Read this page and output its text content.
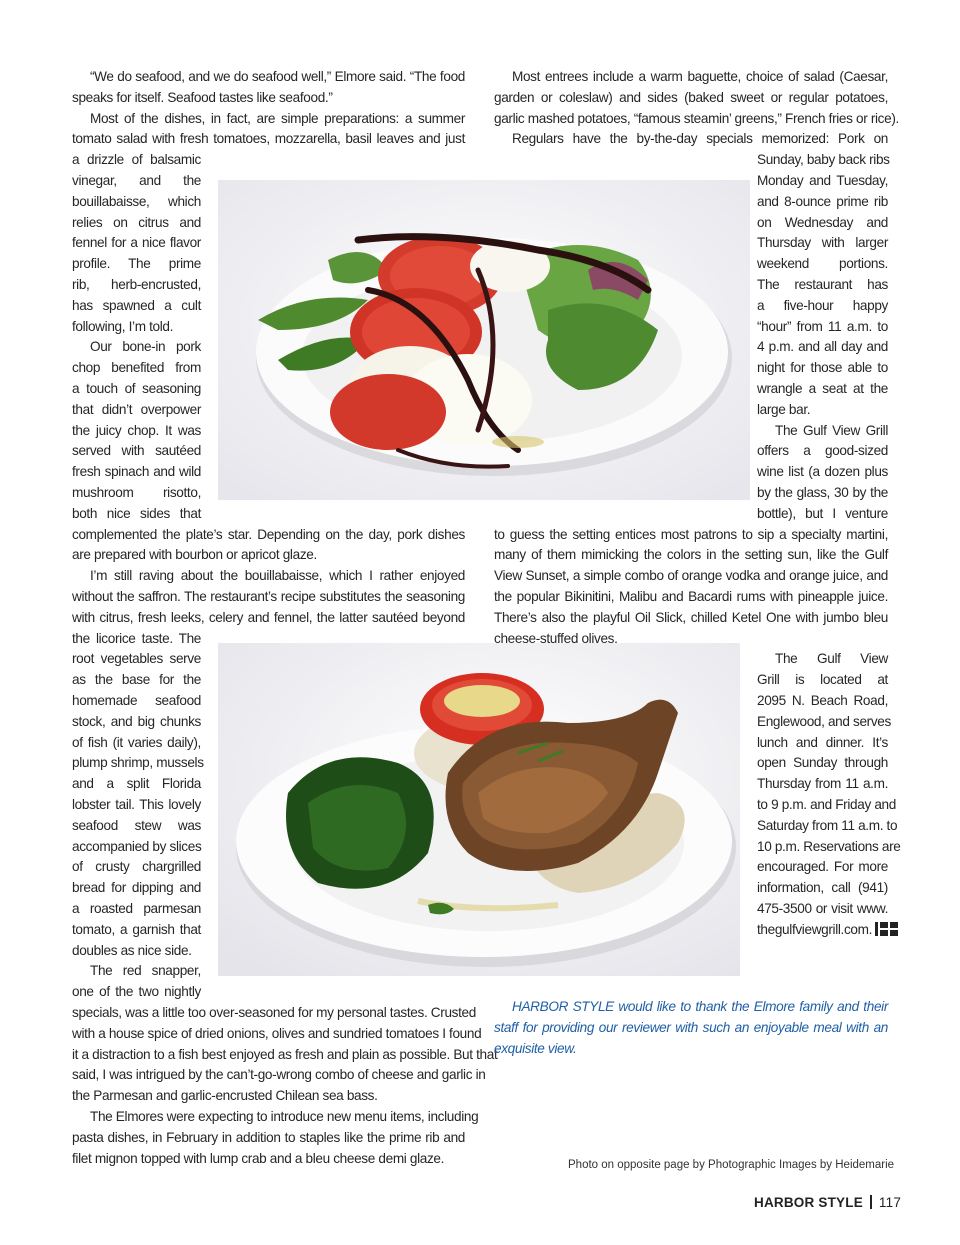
“We do seafood, and we do seafood well,” Elmore said. “The food
speaks for itself. Seafood tastes like seafood.”
Most of the dishes, in fact, are simple preparations: a summer
tomato salad with fresh tomatoes, mozzarella, basil leaves and just
a drizzle of balsamic
vinegar, and the
bouillabaisse, which
relies on citrus and
fennel for a nice flavor
profile. The prime
rib, herb-encrusted,
has spawned a cult
following, I’m told.
Our bone-in pork
chop benefited from
a touch of seasoning
that didn’t overpower
the juicy chop. It was
served with sautéed
fresh spinach and wild
mushroom risotto,
both nice sides that
complemented the plate’s star. Depending on the day, pork dishes
are prepared with bourbon or apricot glaze.
I’m still raving about the bouillabaisse, which I rather enjoyed
without the saffron. The restaurant’s recipe substitutes the seasoning
with citrus, fresh leeks, celery and fennel, the latter sautéed beyond
the licorice taste. The
root vegetables serve
as the base for the
homemade seafood
stock, and big chunks
of fish (it varies daily),
plump shrimp, mussels
and a split Florida
lobster tail. This lovely
seafood stew was
accompanied by slices
of crusty chargrilled
bread for dipping and
a roasted parmesan
tomato, a garnish that
doubles as nice side.
The red snapper,
one of the two nightly
specials, was a little too over-seasoned for my personal tastes. Crusted
with a house spice of dried onions, olives and sundried tomatoes I found
it a distraction to a fish best enjoyed as fresh and plain as possible. But that
said, I was intrigued by the can’t-go-wrong combo of cheese and garlic in
the Parmesan and garlic-encrusted Chilean sea bass.
The Elmores were expecting to introduce new menu items, including
pasta dishes, in February in addition to staples like the prime rib and
filet mignon topped with lump crab and a bleu cheese demi glaze.
Most entrees include a warm baguette, choice of salad (Caesar,
garden or coleslaw) and sides (baked sweet or regular potatoes,
garlic mashed potatoes, “famous steamin’ greens,” French fries or rice).
Regulars have the by-the-day specials memorized: Pork on
Sunday, baby back ribs
Monday and Tuesday,
and 8-ounce prime rib
on Wednesday and
Thursday with larger
weekend portions.
The restaurant has
a five-hour happy
“hour” from 11 a.m. to
4 p.m. and all day and
night for those able to
wrangle a seat at the
large bar.
The Gulf View Grill
offers a good-sized
wine list (a dozen plus
by the glass, 30 by the
bottle), but I venture
to guess the setting entices most patrons to sip a specialty martini,
many of them mimicking the colors in the setting sun, like the Gulf
View Sunset, a simple combo of orange vodka and orange juice, and
the popular Bikinitini, Malibu and Bacardi rums with pineapple juice.
There’s also the playful Oil Slick, chilled Ketel One with jumbo bleu
cheese-stuffed olives.
The Gulf View
Grill is located at
2095 N. Beach Road,
Englewood, and serves
lunch and dinner. It’s
open Sunday through
Thursday from 11 a.m.
to 9 p.m. and Friday and
Saturday from 11 a.m. to
10 p.m. Reservations are
encouraged. For more
information, call (941)
475-3500 or visit www.
thegulfviewgrill.com.
HARBOR STYLE would like to thank the Elmore family and their
staff for providing our reviewer with such an enjoyable meal with an
exquisite view.
Photo on opposite page by Photographic Images by Heidemarie
HARBOR STYLE 117
